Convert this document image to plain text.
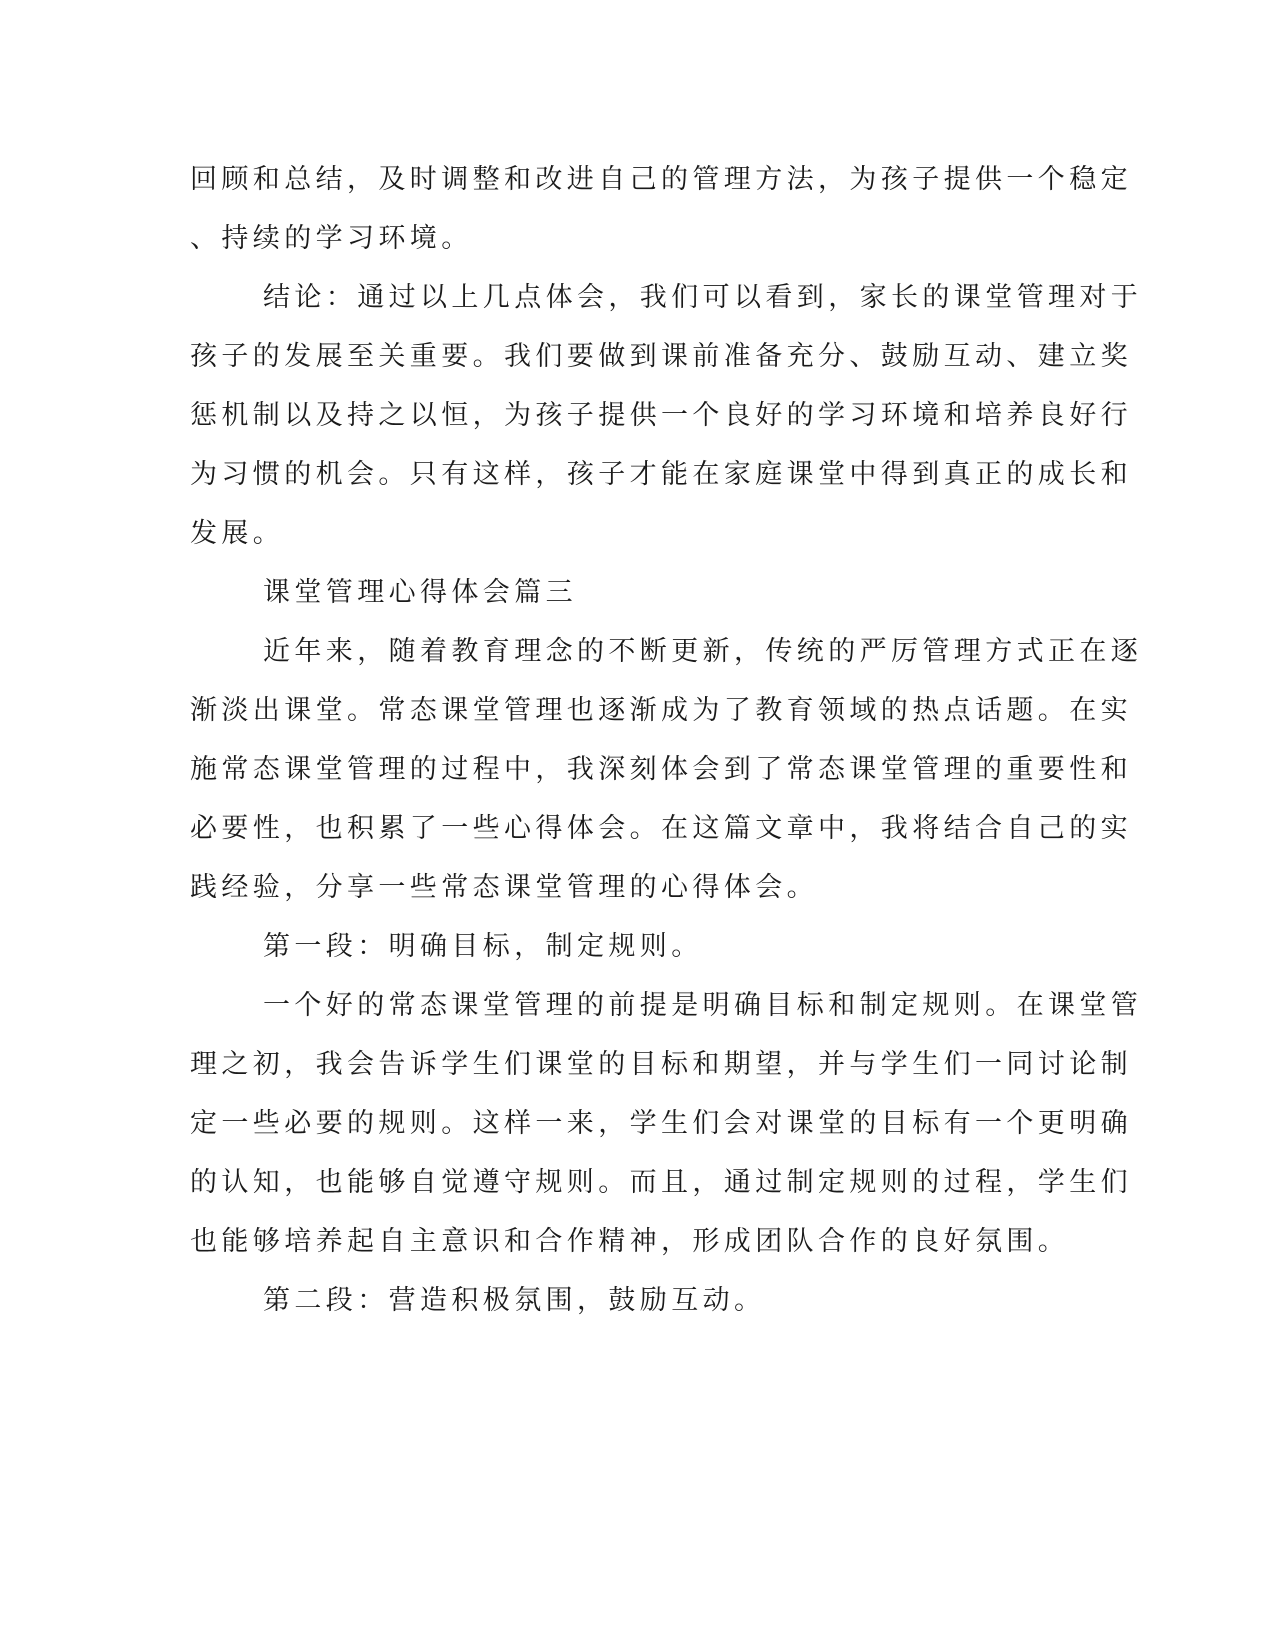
回顾和总结，及时调整和改进自己的管理方法，为孩子提供一个稳定
、持续的学习环境。
结论：通过以上几点体会，我们可以看到，家长的课堂管理对于
孩子的发展至关重要。我们要做到课前准备充分、鼓励互动、建立奖
惩机制以及持之以恒，为孩子提供一个良好的学习环境和培养良好行
为习惯的机会。只有这样，孩子才能在家庭课堂中得到真正的成长和
发展。
课堂管理心得体会篇三
近年来，随着教育理念的不断更新，传统的严厉管理方式正在逐
渐淡出课堂。常态课堂管理也逐渐成为了教育领域的热点话题。在实
施常态课堂管理的过程中，我深刻体会到了常态课堂管理的重要性和
必要性，也积累了一些心得体会。在这篇文章中，我将结合自己的实
践经验，分享一些常态课堂管理的心得体会。
第一段：明确目标，制定规则。
一个好的常态课堂管理的前提是明确目标和制定规则。在课堂管
理之初，我会告诉学生们课堂的目标和期望，并与学生们一同讨论制
定一些必要的规则。这样一来，学生们会对课堂的目标有一个更明确
的认知，也能够自觉遵守规则。而且，通过制定规则的过程，学生们
也能够培养起自主意识和合作精神，形成团队合作的良好氛围。
第二段：营造积极氛围，鼓励互动。
